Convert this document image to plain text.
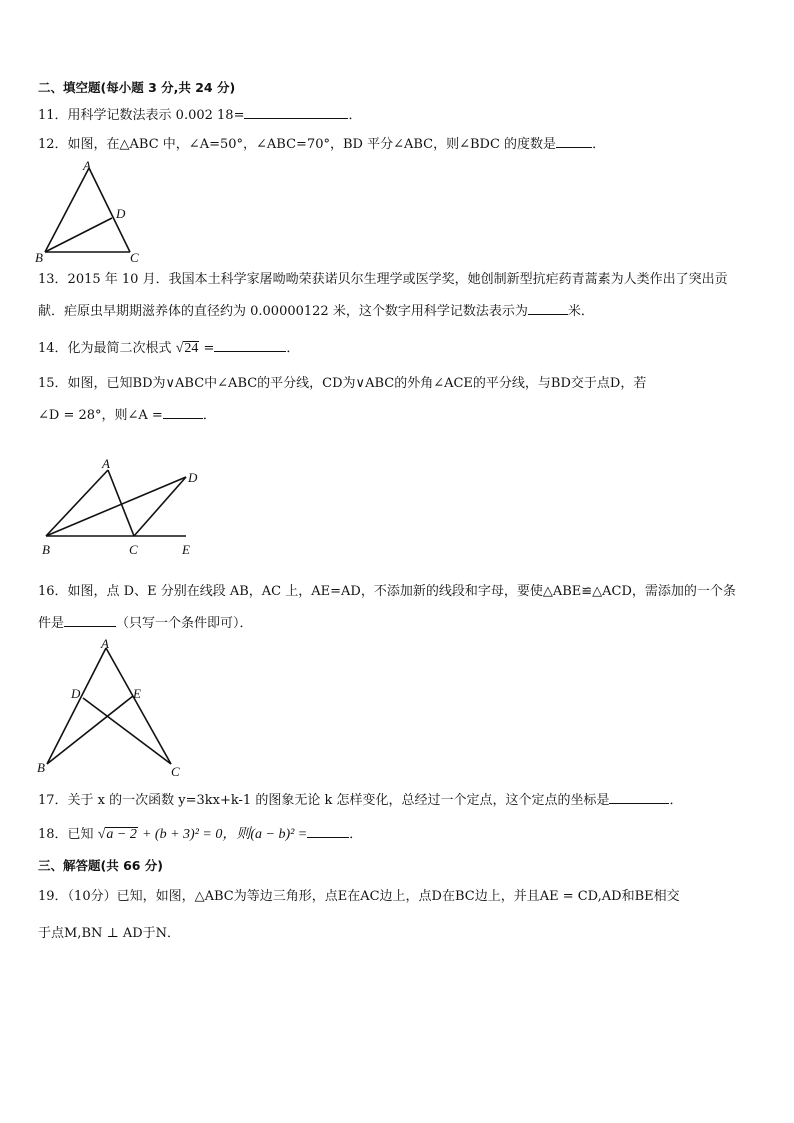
二、填空题(每小题 3 分,共 24 分)
11．用科学记数法表示 0.002 18=	．
12．如图，在△ABC 中，∠A=50°，∠ABC=70°，BD 平分∠ABC，则∠BDC 的度数是	．
A
D
B	C
13．2015 年 10 月．我国本土科学家屠呦呦荣获诺贝尔生理学或医学奖，她创制新型抗疟药青蒿素为人类作出了突出贡
献．疟原虫早期期滋养体的直径约为 0.00000122 米，这个数字用科学记数法表示为	米．
14．化为最简二次根式 √24 =	．
15．如图，已知BD为∨ABC中∠ABC的平分线，CD为∨ABC的外角∠ACE的平分线，与BD交于点D，若
∠D = 28°，则∠A =	．
A
D
B	C	E
16．如图，点 D、E 分别在线段 AB，AC 上，AE=AD，不添加新的线段和字母，要使△ABE≌△ACD，需添加的一个条
件是	（只写一个条件即可）．
A
D	E
B	C
17．关于 x 的一次函数 y=3kx+k-1 的图象无论 k 怎样变化，总经过一个定点，这个定点的坐标是	．
18．已知 √a − 2 + (b + 3)² = 0，则(a − b)² =	．
三、解答题(共 66 分)
19．（10分）已知，如图，△ABC为等边三角形，点E在AC边上，点D在BC边上，并且AE = CD,AD和BE相交
于点M,BN ⊥ AD于N．
